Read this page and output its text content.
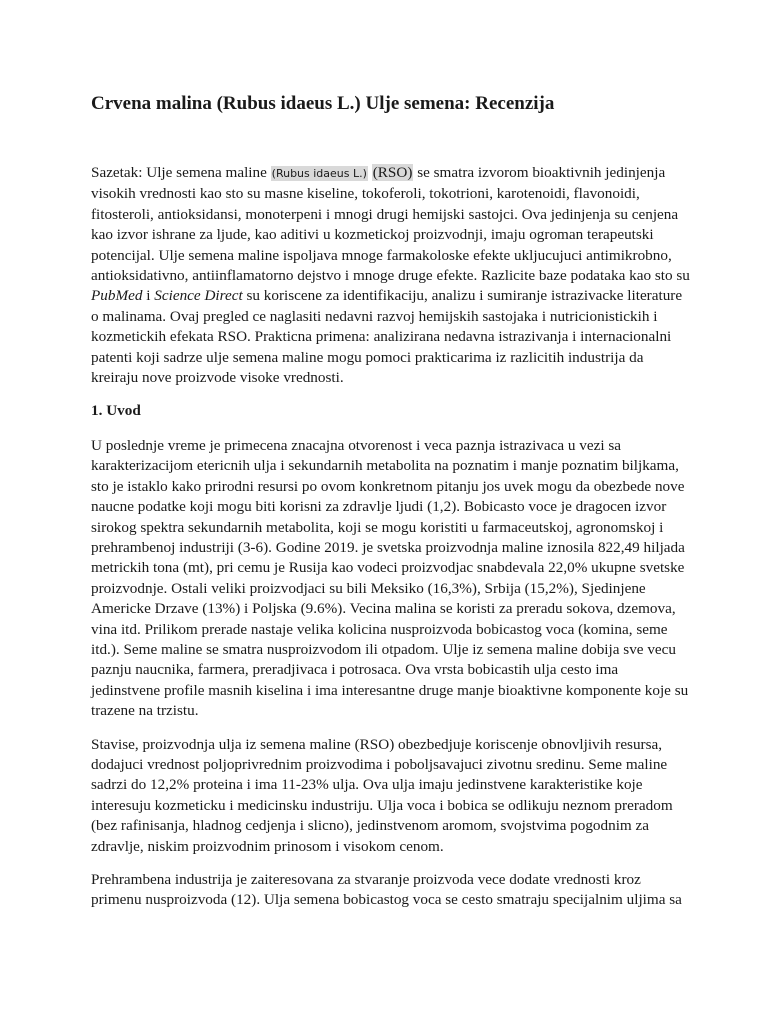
Crvena malina (Rubus idaeus L.) Ulje semena: Recenzija

Sazetak: Ulje semena maline (Rubus idaeus L.) (RSO) se smatra izvorom bioaktivnih jedinjenja visokih vrednosti kao sto su masne kiseline, tokoferoli, tokotrioni, karotenoidi, flavonoidi, fitosteroli, antioksidansi, monoterpeni i mnogi drugi hemijski sastojci. Ova jedinjenja su cenjena kao izvor ishrane za ljude, kao aditivi u kozmetickoj proizvodnji, imaju ogroman terapeutski potencijal. Ulje semena maline ispoljava mnoge farmakoloske efekte ukljucujuci antimikrobno, antioksidativno, antiinflamatorno dejstvo i mnoge druge efekte. Razlicite baze podataka kao sto su PubMed i Science Direct su koriscene za identifikaciju, analizu i sumiranje istrazivacke literature o malinama. Ovaj pregled ce naglasiti nedavni razvoj hemijskih sastojaka i nutricionistickih i kozmetickih efekata RSO. Prakticna primena: analizirana nedavna istrazivanja i internacionalni patenti koji sadrze ulje semena maline mogu pomoci prakticarima iz razlicitih industrija da kreiraju nove proizvode visoke vrednosti.

1. Uvod

U poslednje vreme je primecena znacajna otvorenost i veca paznja istrazivaca u vezi sa karakterizacijom etericnih ulja i sekundarnih metabolita na poznatim i manje poznatim biljkama, sto je istaklo kako prirodni resursi po ovom konkretnom pitanju jos uvek mogu da obezbede nove naucne podatke koji mogu biti korisni za zdravlje ljudi (1,2). Bobicasto voce je dragocen izvor sirokog spektra sekundarnih metabolita, koji se mogu koristiti u farmaceutskoj, agronomskoj i prehrambenoj industriji (3-6). Godine 2019. je svetska proizvodnja maline iznosila 822,49 hiljada metrickih tona (mt), pri cemu je Rusija kao vodeci proizvodjac snabdevala 22,0% ukupne svetske proizvodnje. Ostali veliki proizvodjaci su bili Meksiko (16,3%), Srbija (15,2%), Sjedinjene Americke Drzave (13%) i Poljska (9.6%). Vecina malina se koristi za preradu sokova, dzemova, vina itd. Prilikom prerade nastaje velika kolicina nusproizvoda bobicastog voca (komina, seme itd.). Seme maline se smatra nusproizvodom ili otpadom. Ulje iz semena maline dobija sve vecu paznju naucnika, farmera, preradjivaca i potrosaca. Ova vrsta bobicastih ulja cesto ima jedinstvene profile masnih kiselina i ima interesantne druge manje bioaktivne komponente koje su trazene na trzistu.

Stavise, proizvodnja ulja iz semena maline (RSO) obezbedjuje koriscenje obnovljivih resursa, dodajuci vrednost poljoprivrednim proizvodima i poboljsavajuci zivotnu sredinu. Seme maline sadrzi do 12,2% proteina i ima 11-23% ulja. Ova ulja imaju jedinstvene karakteristike koje interesuju kozmeticku i medicinsku industriju. Ulja voca i bobica se odlikuju neznom preradom (bez rafinisanja, hladnog cedjenja i slicno), jedinstvenom aromom, svojstvima pogodnim za zdravlje, niskim proizvodnim prinosom i visokom cenom.

Prehrambena industrija je zaiteresovana za stvaranje proizvoda vece dodate vrednosti kroz
primenu nusproizvoda (12). Ulja semena bobicastog voca se cesto smatraju specijalnim uljima sa
